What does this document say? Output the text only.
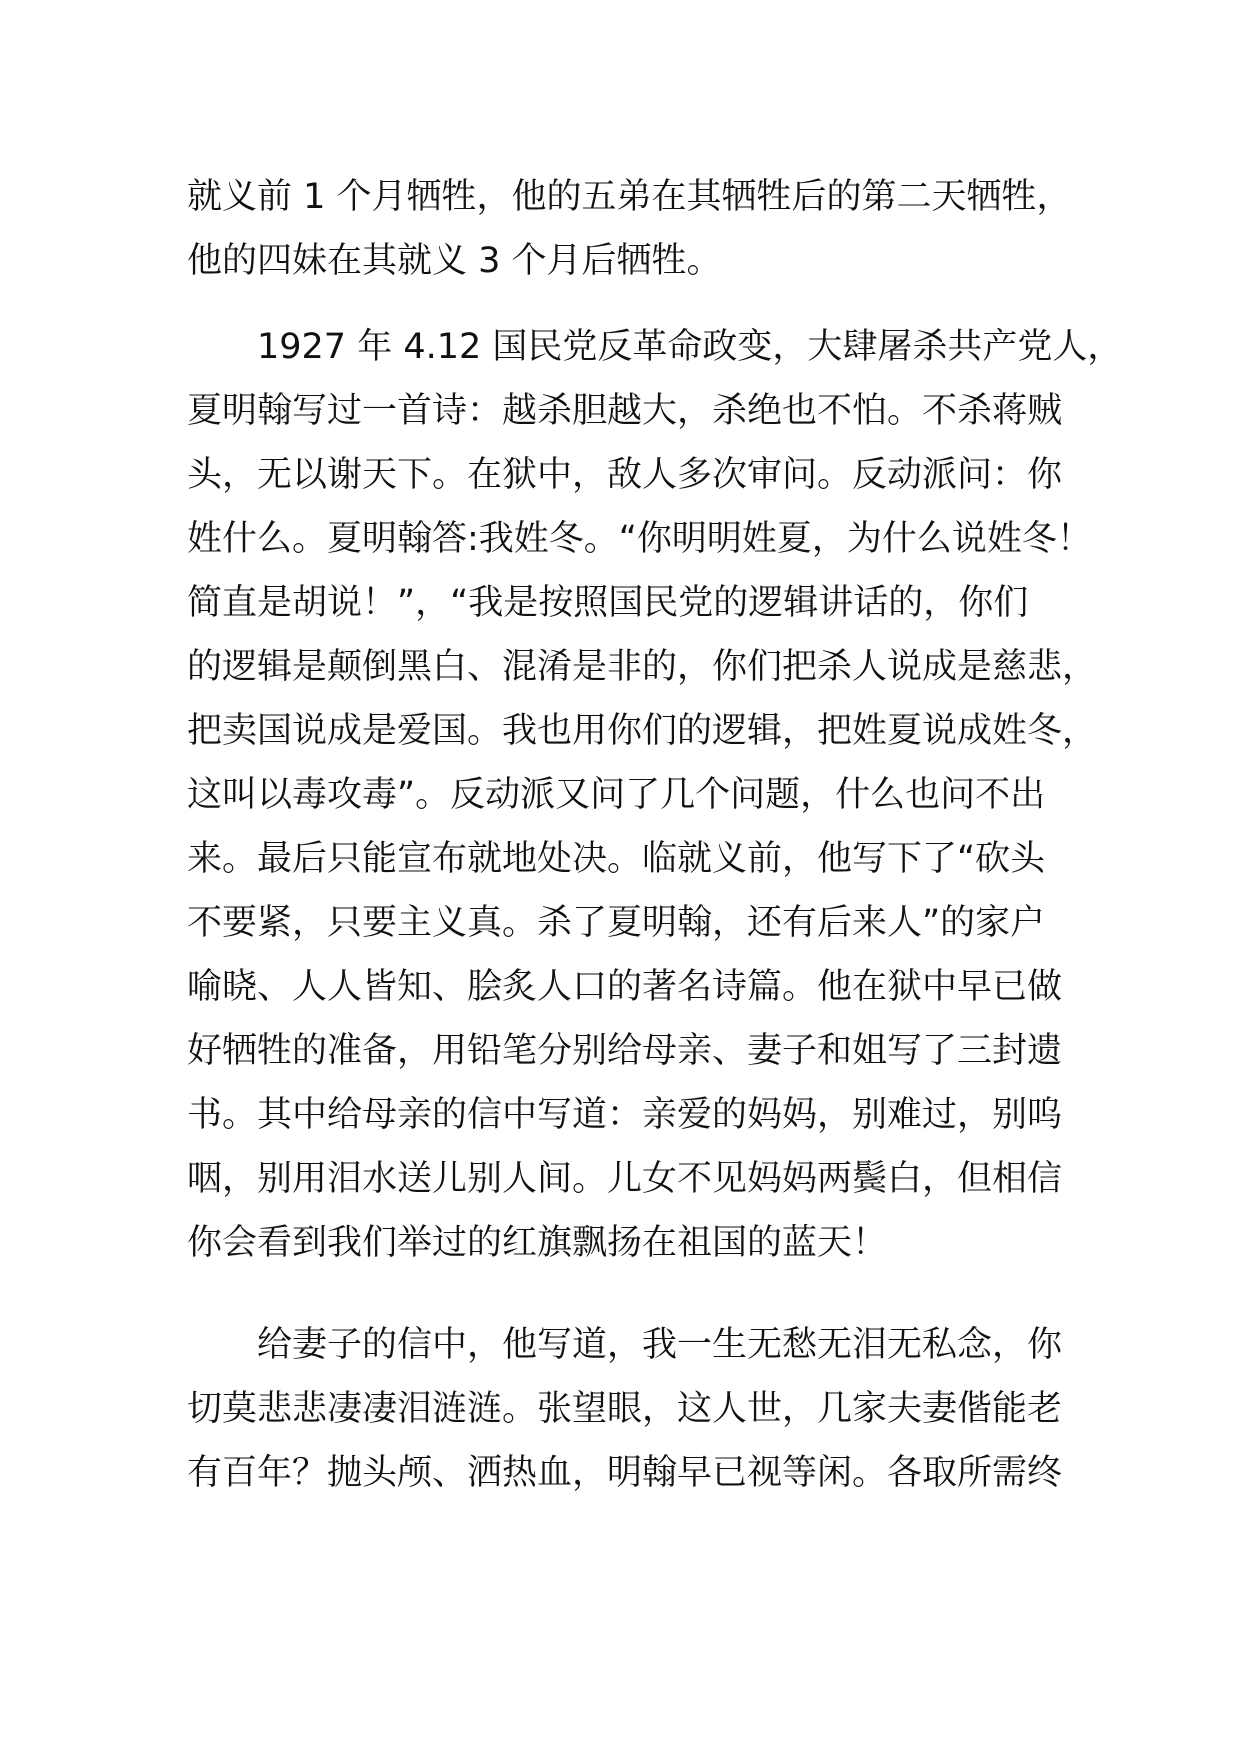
就义前 1 个月牺牲，他的五弟在其牺牲后的第二天牺牲，
他的四妹在其就义 3 个月后牺牲。
1927 年 4.12 国民党反革命政变，大肆屠杀共产党人，
夏明翰写过一首诗：越杀胆越大，杀绝也不怕。不杀蒋贼
头，无以谢天下。在狱中，敌人多次审问。反动派问：你
姓什么。夏明翰答:我姓冬。“你明明姓夏，为什么说姓冬！
简直是胡说！”，“我是按照国民党的逻辑讲话的，你们
的逻辑是颠倒黑白、混淆是非的，你们把杀人说成是慈悲，
把卖国说成是爱国。我也用你们的逻辑，把姓夏说成姓冬，
这叫以毒攻毒”。反动派又问了几个问题，什么也问不出
来。最后只能宣布就地处决。临就义前，他写下了“砍头
不要紧，只要主义真。杀了夏明翰，还有后来人”的家户
喻晓、人人皆知、脍炙人口的著名诗篇。他在狱中早已做
好牺牲的准备，用铅笔分别给母亲、妻子和姐写了三封遗
书。其中给母亲的信中写道：亲爱的妈妈，别难过，别呜
咽，别用泪水送儿别人间。儿女不见妈妈两鬓白，但相信
你会看到我们举过的红旗飘扬在祖国的蓝天！
给妻子的信中，他写道，我一生无愁无泪无私念，你
切莫悲悲凄凄泪涟涟。张望眼，这人世，几家夫妻偕能老
有百年？抛头颅、洒热血，明翰早已视等闲。各取所需终
